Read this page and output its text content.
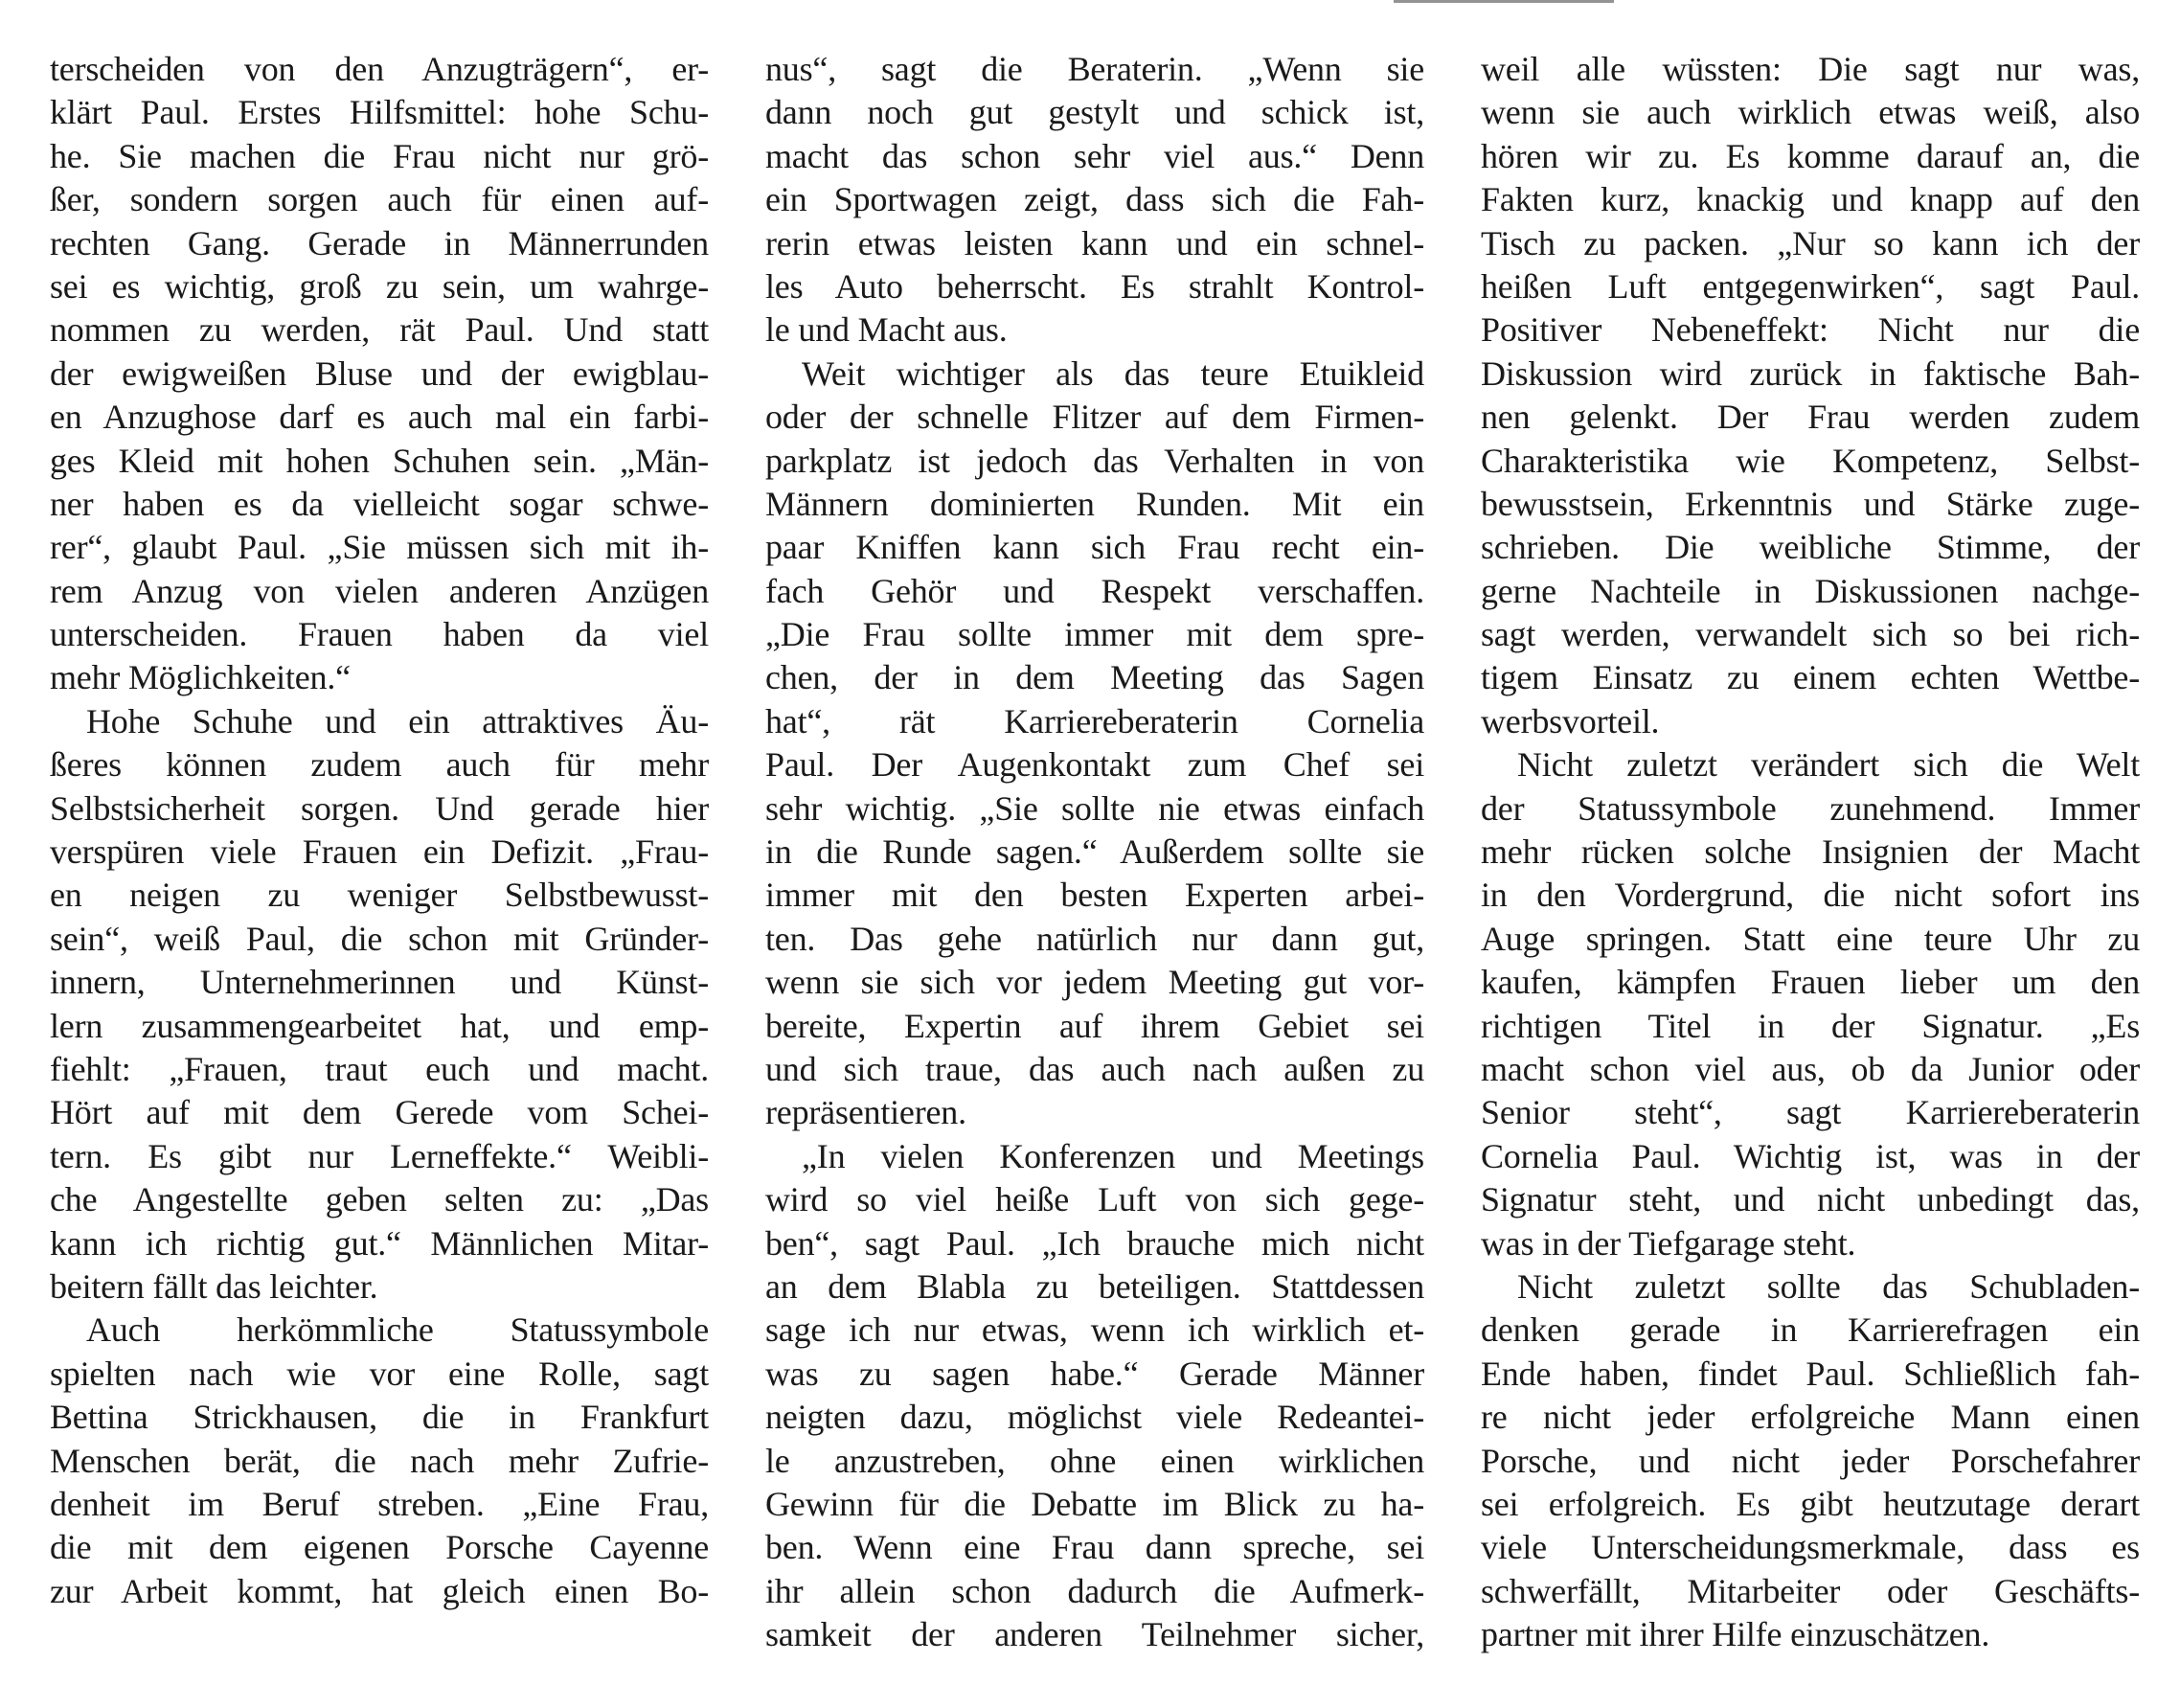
terscheiden von den Anzugträgern“, er-
klärt Paul. Erstes Hilfsmittel: hohe Schu-
he. Sie machen die Frau nicht nur grö-
ßer, sondern sorgen auch für einen auf-
rechten Gang. Gerade in Männerrunden
sei es wichtig, groß zu sein, um wahrge-
nommen zu werden, rät Paul. Und statt
der ewigweißen Bluse und der ewigblau-
en Anzughose darf es auch mal ein farbi-
ges Kleid mit hohen Schuhen sein. „Män-
ner haben es da vielleicht sogar schwe-
rer“, glaubt Paul. „Sie müssen sich mit ih-
rem Anzug von vielen anderen Anzügen
unterscheiden. Frauen haben da viel
mehr Möglichkeiten.“
Hohe Schuhe und ein attraktives Äu-
ßeres können zudem auch für mehr
Selbstsicherheit sorgen. Und gerade hier
verspüren viele Frauen ein Defizit. „Frau-
en neigen zu weniger Selbstbewusst-
sein“, weiß Paul, die schon mit Gründer-
innern, Unternehmerinnen und Künst-
lern zusammengearbeitet hat, und emp-
fiehlt: „Frauen, traut euch und macht.
Hört auf mit dem Gerede vom Schei-
tern. Es gibt nur Lerneffekte.“ Weibli-
che Angestellte geben selten zu: „Das
kann ich richtig gut.“ Männlichen Mitar-
beitern fällt das leichter.
Auch herkömmliche Statussymbole
spielten nach wie vor eine Rolle, sagt
Bettina Strickhausen, die in Frankfurt
Menschen berät, die nach mehr Zufrie-
denheit im Beruf streben. „Eine Frau,
die mit dem eigenen Porsche Cayenne
zur Arbeit kommt, hat gleich einen Bo-
nus“, sagt die Beraterin. „Wenn sie
dann noch gut gestylt und schick ist,
macht das schon sehr viel aus.“ Denn
ein Sportwagen zeigt, dass sich die Fah-
rerin etwas leisten kann und ein schnel-
les Auto beherrscht. Es strahlt Kontrol-
le und Macht aus.
Weit wichtiger als das teure Etuikleid
oder der schnelle Flitzer auf dem Firmen-
parkplatz ist jedoch das Verhalten in von
Männern dominierten Runden. Mit ein
paar Kniffen kann sich Frau recht ein-
fach Gehör und Respekt verschaffen.
„Die Frau sollte immer mit dem spre-
chen, der in dem Meeting das Sagen
hat“, rät Karriereberaterin Cornelia
Paul. Der Augenkontakt zum Chef sei
sehr wichtig. „Sie sollte nie etwas einfach
in die Runde sagen.“ Außerdem sollte sie
immer mit den besten Experten arbei-
ten. Das gehe natürlich nur dann gut,
wenn sie sich vor jedem Meeting gut vor-
bereite, Expertin auf ihrem Gebiet sei
und sich traue, das auch nach außen zu
repräsentieren.
„In vielen Konferenzen und Meetings
wird so viel heiße Luft von sich gege-
ben“, sagt Paul. „Ich brauche mich nicht
an dem Blabla zu beteiligen. Stattdessen
sage ich nur etwas, wenn ich wirklich et-
was zu sagen habe.“ Gerade Männer
neigten dazu, möglichst viele Redeantei-
le anzustreben, ohne einen wirklichen
Gewinn für die Debatte im Blick zu ha-
ben. Wenn eine Frau dann spreche, sei
ihr allein schon dadurch die Aufmerk-
samkeit der anderen Teilnehmer sicher,
weil alle wüssten: Die sagt nur was,
wenn sie auch wirklich etwas weiß, also
hören wir zu. Es komme darauf an, die
Fakten kurz, knackig und knapp auf den
Tisch zu packen. „Nur so kann ich der
heißen Luft entgegenwirken“, sagt Paul.
Positiver Nebeneffekt: Nicht nur die
Diskussion wird zurück in faktische Bah-
nen gelenkt. Der Frau werden zudem
Charakteristika wie Kompetenz, Selbst-
bewusstsein, Erkenntnis und Stärke zuge-
schrieben. Die weibliche Stimme, der
gerne Nachteile in Diskussionen nachge-
sagt werden, verwandelt sich so bei rich-
tigem Einsatz zu einem echten Wettbe-
werbsvorteil.
Nicht zuletzt verändert sich die Welt
der Statussymbole zunehmend. Immer
mehr rücken solche Insignien der Macht
in den Vordergrund, die nicht sofort ins
Auge springen. Statt eine teure Uhr zu
kaufen, kämpfen Frauen lieber um den
richtigen Titel in der Signatur. „Es
macht schon viel aus, ob da Junior oder
Senior steht“, sagt Karriereberaterin
Cornelia Paul. Wichtig ist, was in der
Signatur steht, und nicht unbedingt das,
was in der Tiefgarage steht.
Nicht zuletzt sollte das Schubladen-
denken gerade in Karrierefragen ein
Ende haben, findet Paul. Schließlich fah-
re nicht jeder erfolgreiche Mann einen
Porsche, und nicht jeder Porschefahrer
sei erfolgreich. Es gibt heutzutage derart
viele Unterscheidungsmerkmale, dass es
schwerfällt, Mitarbeiter oder Geschäfts-
partner mit ihrer Hilfe einzuschätzen.
